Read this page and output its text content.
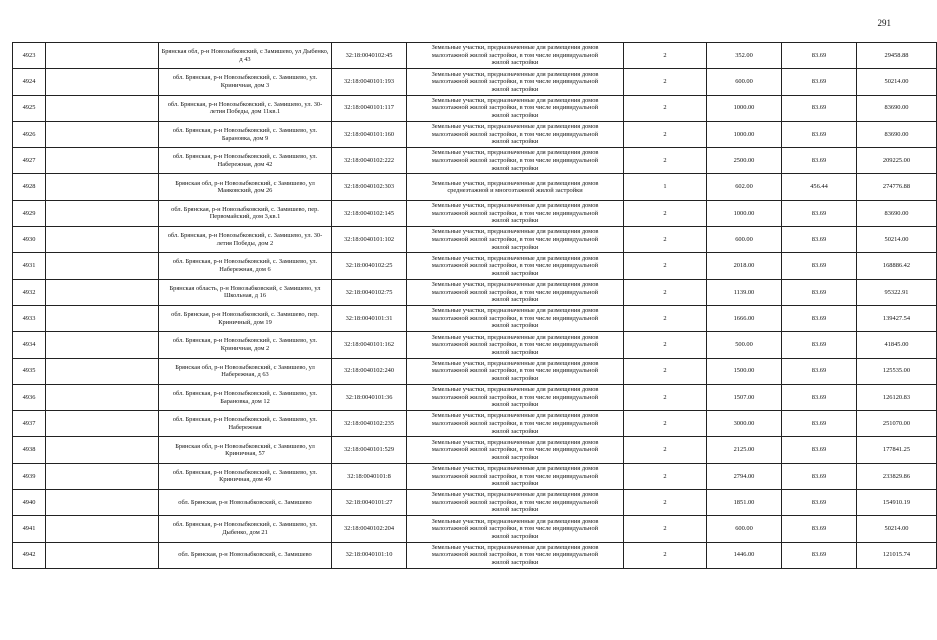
291
4923		Брянская обл, р-н Новозыбковский, с Замишево, ул Дыбенко, д 43	32:18:0040102:45	Земельные участки, предназначенные для размещения домов
малоэтажной жилой застройки, в том числе индивидуальной
жилой застройки	2	352.00	83.69	29458.88
4924		обл. Брянская, р-н Новозыбковский, с. Замишево, ул. Криничная, дом 3	32:18:0040101:193	Земельные участки, предназначенные для размещения домов
малоэтажной жилой застройки, в том числе индивидуальной
жилой застройки	2	600.00	83.69	50214.00
4925		обл. Брянская, р-н Новозыбковский, с. Замишево, ул. 30-летия Победы, дом 11кв.1	32:18:0040101:117	Земельные участки, предназначенные для размещения домов
малоэтажной жилой застройки, в том числе индивидуальной
жилой застройки	2	1000.00	83.69	83690.00
4926		обл. Брянская, р-н Новозыбковский, с. Замишево, ул. Барановка, дом 9	32:18:0040101:160	Земельные участки, предназначенные для размещения домов
малоэтажной жилой застройки, в том числе индивидуальной
жилой застройки	2	1000.00	83.69	83690.00
4927		обл. Брянская, р-н Новозыбковский, с. Замишево, ул. Набережная, дом 42	32:18:0040102:222	Земельные участки, предназначенные для размещения домов
малоэтажной жилой застройки, в том числе индивидуальной
жилой застройки	2	2500.00	83.69	209225.00
4928		Брянская обл, р-н Новозыбковский, с Замишево, ул Маяковский, дом 26	32:18:0040102:303	Земельные участки, предназначенные для размещения домов
среднеэтажной и многоэтажной жилой застройки	1	602.00	456.44	274776.88
4929		обл. Брянская, р-н Новозыбковский, с. Замишево, пер. Первомайский, дом 3,кв.1	32:18:0040102:145	Земельные участки, предназначенные для размещения домов
малоэтажной жилой застройки, в том числе индивидуальной
жилой застройки	2	1000.00	83.69	83690.00
4930		обл. Брянская, р-н Новозыбковский, с. Замишево, ул. 30-летия Победы, дом 2	32:18:0040101:102	Земельные участки, предназначенные для размещения домов
малоэтажной жилой застройки, в том числе индивидуальной
жилой застройки	2	600.00	83.69	50214.00
4931		обл. Брянская, р-н Новозыбковский, с. Замишево, ул. Набережная, дом 6	32:18:0040102:25	Земельные участки, предназначенные для размещения домов
малоэтажной жилой застройки, в том числе индивидуальной
жилой застройки	2	2018.00	83.69	168886.42
4932		Брянская область, р-н Новозыбковский, с Замишево, ул Школьная, д 16	32:18:0040102:75	Земельные участки, предназначенные для размещения домов
малоэтажной жилой застройки, в том числе индивидуальной
жилой застройки	2	1139.00	83.69	95322.91
4933		обл. Брянская, р-н Новозыбковский, с. Замишево, пер. Криничный, дом 19	32:18:0040101:31	Земельные участки, предназначенные для размещения домов
малоэтажной жилой застройки, в том числе индивидуальной
жилой застройки	2	1666.00	83.69	139427.54
4934		обл. Брянская, р-н Новозыбковский, с. Замишево, ул. Криничная, дом 2	32:18:0040101:162	Земельные участки, предназначенные для размещения домов
малоэтажной жилой застройки, в том числе индивидуальной
жилой застройки	2	500.00	83.69	41845.00
4935		Брянская обл, р-н Новозыбковский, с Замишево, ул Набережная, д 63	32:18:0040102:240	Земельные участки, предназначенные для размещения домов
малоэтажной жилой застройки, в том числе индивидуальной
жилой застройки	2	1500.00	83.69	125535.00
4936		обл. Брянская, р-н Новозыбковский, с. Замишево, ул. Барановка, дом 12	32:18:0040101:36	Земельные участки, предназначенные для размещения домов
малоэтажной жилой застройки, в том числе индивидуальной
жилой застройки	2	1507.00	83.69	126120.83
4937		обл. Брянская, р-н Новозыбковский, с. Замишево, ул. Набережная	32:18:0040102:235	Земельные участки, предназначенные для размещения домов
малоэтажной жилой застройки, в том числе индивидуальной
жилой застройки	2	3000.00	83.69	251070.00
4938		Брянская обл, р-н Новозыбковский, с Замишево, ул Криничная, 57	32:18:0040101:529	Земельные участки, предназначенные для размещения домов
малоэтажной жилой застройки, в том числе индивидуальной
жилой застройки	2	2125.00	83.69	177841.25
4939		обл. Брянская, р-н Новозыбковский, с. Замишево, ул. Криничная, дом 49	32:18:0040101:8	Земельные участки, предназначенные для размещения домов
малоэтажной жилой застройки, в том числе индивидуальной
жилой застройки	2	2794.00	83.69	233829.86
4940		обл. Брянская, р-н Новозыбковский, с. Замишево	32:18:0040101:27	Земельные участки, предназначенные для размещения домов
малоэтажной жилой застройки, в том числе индивидуальной
жилой застройки	2	1851.00	83.69	154910.19
4941		обл. Брянская, р-н Новозыбковский, с. Замишево, ул. Дыбенко, дом 21	32:18:0040102:204	Земельные участки, предназначенные для размещения домов
малоэтажной жилой застройки, в том числе индивидуальной
жилой застройки	2	600.00	83.69	50214.00
4942		обл. Брянская, р-н Новозыбковский, с. Замишево	32:18:0040101:10	Земельные участки, предназначенные для размещения домов
малоэтажной жилой застройки, в том числе индивидуальной
жилой застройки	2	1446.00	83.69	121015.74
